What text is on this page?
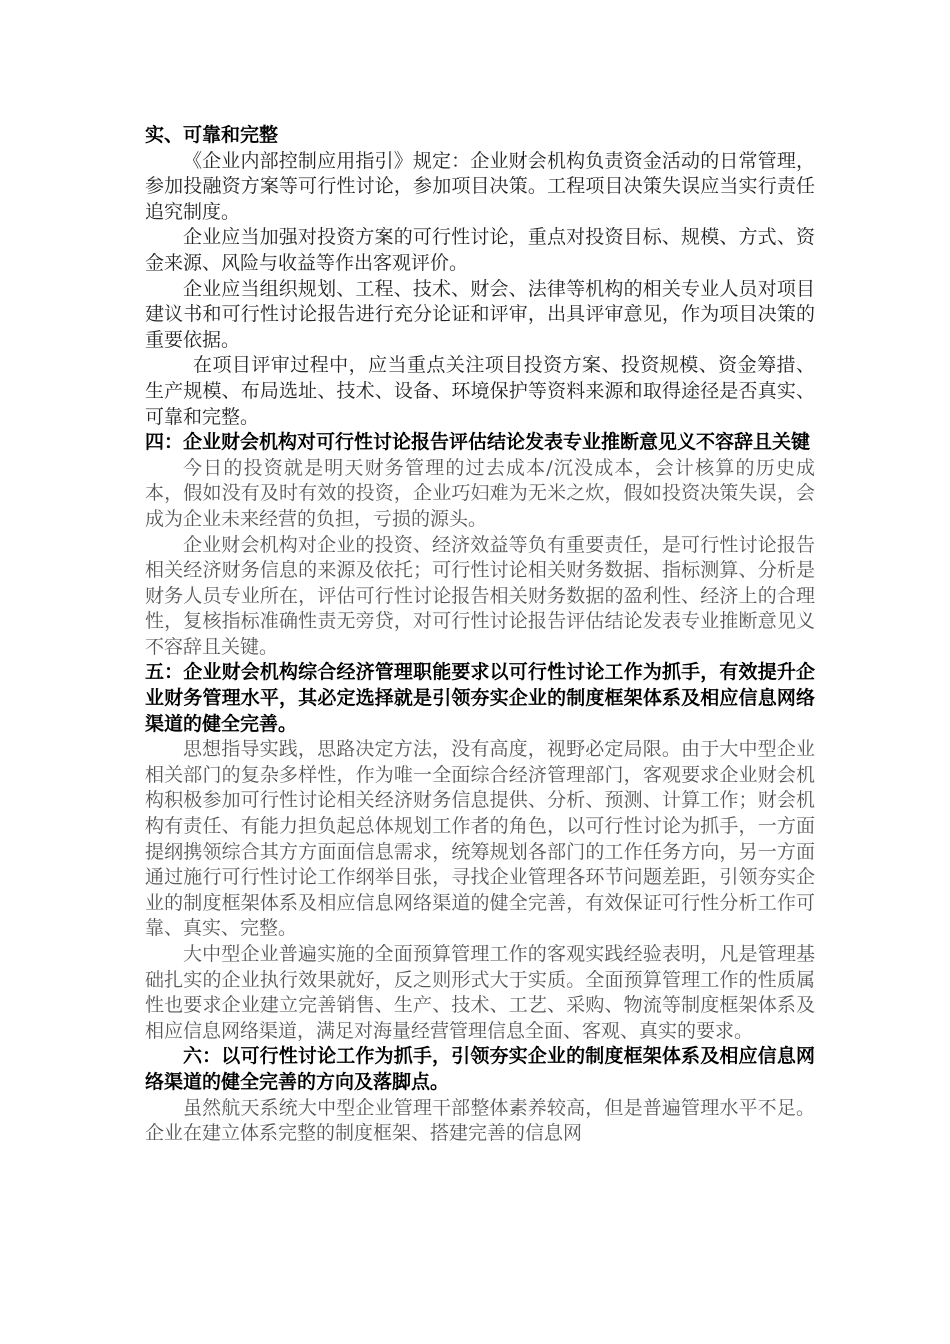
实、可靠和完整

《企业内部控制应用指引》规定：企业财会机构负责资金活动的日常管理，参加投融资方案等可行性讨论，参加项目决策。工程项目决策失误应当实行责任追究制度。

企业应当加强对投资方案的可行性讨论，重点对投资目标、规模、方式、资金来源、风险与收益等作出客观评价。

企业应当组织规划、工程、技术、财会、法律等机构的相关专业人员对项目建议书和可行性讨论报告进行充分论证和评审，出具评审意见，作为项目决策的重要依据。

在项目评审过程中，应当重点关注项目投资方案、投资规模、资金筹措、生产规模、布局选址、技术、设备、环境保护等资料来源和取得途径是否真实、可靠和完整。

四：企业财会机构对可行性讨论报告评估结论发表专业推断意见义不容辞且关键

今日的投资就是明天财务管理的过去成本/沉没成本，会计核算的历史成本，假如没有及时有效的投资，企业巧妇难为无米之炊，假如投资决策失误，会成为企业未来经营的负担，亏损的源头。

企业财会机构对企业的投资、经济效益等负有重要责任，是可行性讨论报告相关经济财务信息的来源及依托；可行性讨论相关财务数据、指标测算、分析是财务人员专业所在，评估可行性讨论报告相关财务数据的盈利性、经济上的合理性，复核指标准确性责无旁贷，对可行性讨论报告评估结论发表专业推断意见义不容辞且关键。

五：企业财会机构综合经济管理职能要求以可行性讨论工作为抓手，有效提升企业财务管理水平，其必定选择就是引领夯实企业的制度框架体系及相应信息网络渠道的健全完善。

思想指导实践，思路决定方法，没有高度，视野必定局限。由于大中型企业相关部门的复杂多样性，作为唯一全面综合经济管理部门，客观要求企业财会机构积极参加可行性讨论相关经济财务信息提供、分析、预测、计算工作；财会机构有责任、有能力担负起总体规划工作者的角色，以可行性讨论为抓手，一方面提纲携领综合其方方面面信息需求，统筹规划各部门的工作任务方向，另一方面通过施行可行性讨论工作纲举目张，寻找企业管理各环节问题差距，引领夯实企业的制度框架体系及相应信息网络渠道的健全完善，有效保证可行性分析工作可靠、真实、完整。

大中型企业普遍实施的全面预算管理工作的客观实践经验表明，凡是管理基础扎实的企业执行效果就好，反之则形式大于实质。全面预算管理工作的性质属性也要求企业建立完善销售、生产、技术、工艺、采购、物流等制度框架体系及相应信息网络渠道，满足对海量经营管理信息全面、客观、真实的要求。

六：以可行性讨论工作为抓手，引领夯实企业的制度框架体系及相应信息网络渠道的健全完善的方向及落脚点。

虽然航天系统大中型企业管理干部整体素养较高，但是普遍管理水平不足。企业在建立体系完整的制度框架、搭建完善的信息网
